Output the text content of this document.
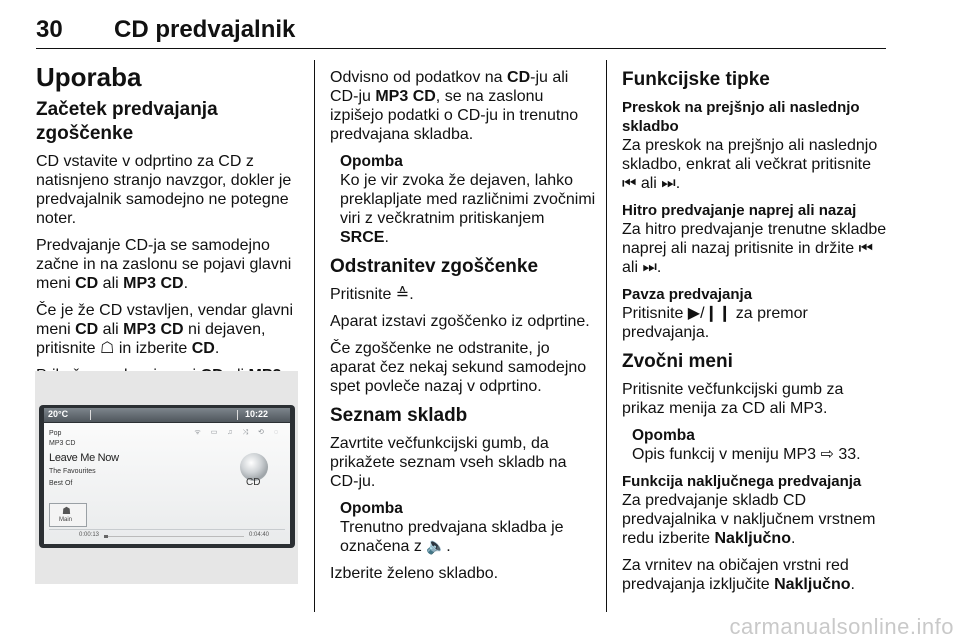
30 CD predvajalnik
Uporaba
Začetek predvajanja zgoščenke

CD vstavite v odprtino za CD z natisnjeno stranjo navzgor, dokler je predvajalnik samodejno ne potegne noter.

Predvajanje CD-ja se samodejno začne in na zaslonu se pojavi glavni meni CD ali MP3 CD.

Če je že CD vstavljen, vendar glavni meni CD ali MP3 CD ni dejaven, pritisnite ☖ in izberite CD.

20°C	10:22
ᯤ ▭ ♫ ⤨ ⟲ ◌
Pop
MP3 CD
Leave Me Now
The Favourites
Best Of	CD
☗
Main
0:00:13	0:04:40

Odvisno od podatkov na CD-ju ali CD-ju MP3 CD, se na zaslonu izpišejo podatki o CD-ju in trenutno predvajana skladba.

Opomba
Ko je vir zvoka že dejaven, lahko preklapljate med različnimi zvočnimi viri z večkratnim pritiskanjem SRCE.
Odstranitev zgoščenke

Pritisnite ≙.

Aparat izstavi zgoščenko iz odprtine.

Če zgoščenke ne odstranite, jo aparat čez nekaj sekund samodejno spet povleče nazaj v odprtino.

Seznam skladb

Zavrtite večfunkcijski gumb, da prikažete seznam vseh skladb na CD-ju.

Opomba
Trenutno predvajana skladba je označena z 🔈.

Izberite želeno skladbo.

Funkcijske tipke
Preskok na prejšnjo ali naslednjo skladbo

Za preskok na prejšnjo ali naslednjo skladbo, enkrat ali večkrat pritisnite ⏮ ali ⏭.

Hitro predvajanje naprej ali nazaj

Za hitro predvajanje trenutne skladbe naprej ali nazaj pritisnite in držite ⏮ ali ⏭.

Pavza predvajanja

Pritisnite ▶/❙❙ za premor predvajanja.

Zvočni meni

Pritisnite večfunkcijski gumb za prikaz menija za CD ali MP3.

Opomba
Opis funkcij v meniju MP3 ⇨ 33.
Funkcija naključnega predvajanja

Za predvajanje skladb CD predvajalnika v naključnem vrstnem redu izberite Naključno.

Za vrnitev na običajen vrstni red predvajanja izključite Naključno.

carmanualsonline.info
